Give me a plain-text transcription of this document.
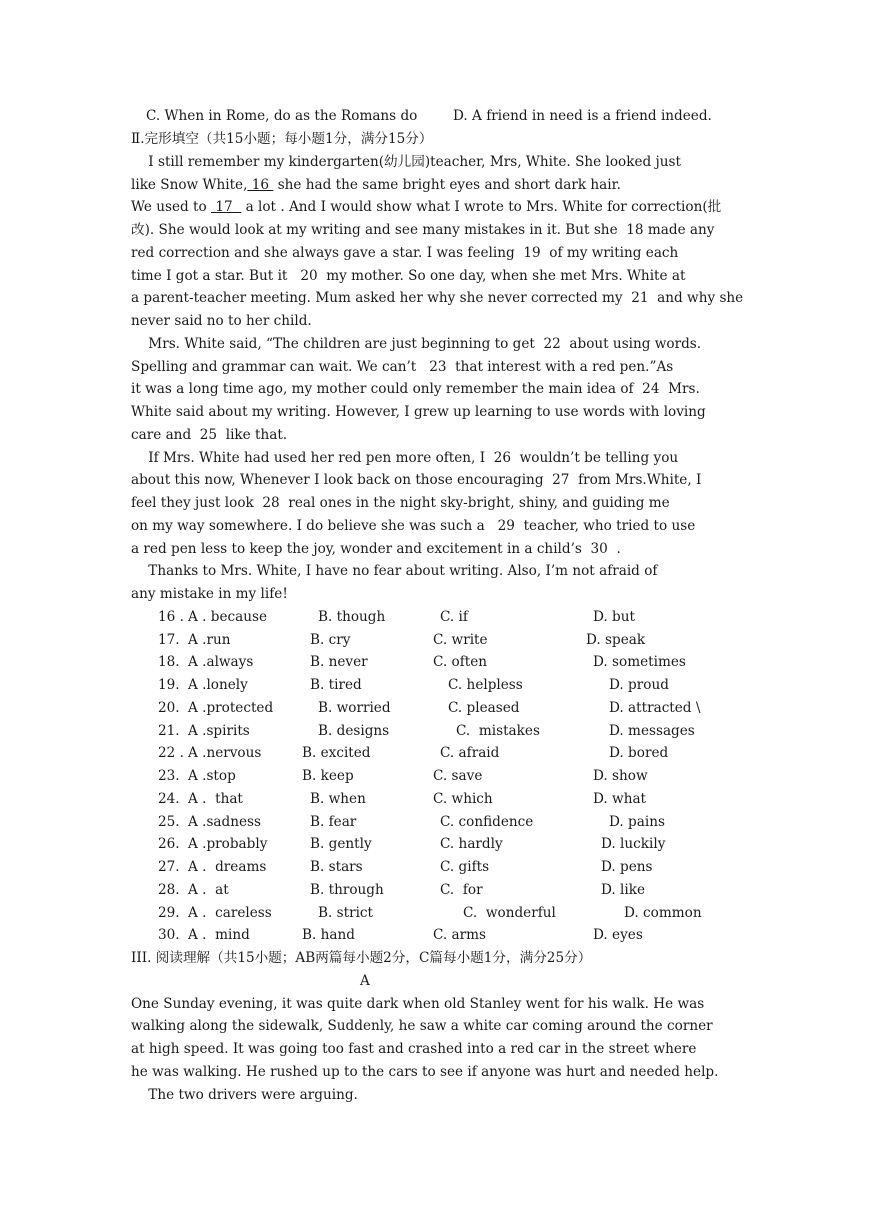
C. When in Rome, do as the Romans do	D. A friend in need is a friend indeed.
Ⅱ.完形填空（共15小题；每小题1分，满分15分）
I still remember my kindergarten(幼儿园)teacher, Mrs, White. She looked just
like Snow White, 16  she had the same bright eyes and short dark hair.
We used to  17   a lot . And I would show what I wrote to Mrs. White for correction(批
改). She would look at my writing and see many mistakes in it. But she  18 made any
red correction and she always gave a star. I was feeling  19  of my writing each
time I got a star. But it   20  my mother. So one day, when she met Mrs. White at
a parent-teacher meeting. Mum asked her why she never corrected my  21  and why she
never said no to her child.
Mrs. White said, “The children are just beginning to get  22  about using words.
Spelling and grammar can wait. We can’t   23  that interest with a red pen.”As
it was a long time ago, my mother could only remember the main idea of  24  Mrs.
White said about my writing. However, I grew up learning to use words with loving
care and  25  like that.
If Mrs. White had used her red pen more often, I  26  wouldn’t be telling you
about this now, Whenever I look back on those encouraging  27  from Mrs.White, I
feel they just look  28  real ones in the night sky-bright, shiny, and guiding me
on my way somewhere. I do believe she was such a   29  teacher, who tried to use
a red pen less to keep the joy, wonder and excitement in a child’s  30  .
Thanks to Mrs. White, I have no fear about writing. Also, I’m not afraid of
any mistake in my life!
16 . A . because	B. though	C. if	D. but
17. A .run	B. cry	C. write	D. speak
18. A .always	B. never	C. often	D. sometimes
19. A .lonely	B. tired	C. helpless	D. proud
20. A .protected	B. worried	C. pleased	D. attracted \
21. A .spirits	B. designs	C.  mistakes	D. messages
22 . A .nervous	B. excited	C. afraid	D. bored
23. A .stop	B. keep	C. save	D. show
24. A .  that	B. when	C. which	D. what
25. A .sadness	B. fear	C. confidence	D. pains
26. A .probably	B. gently	C. hardly	D. luckily
27. A .  dreams	B. stars	C. gifts	D. pens
28. A .  at	B. through	C.  for	D. like
29. A .  careless	B. strict	C.  wonderful	D. common
30. A .  mind	B. hand	C. arms	D. eyes
III. 阅读理解（共15小题；AB两篇每小题2分，C篇每小题1分，满分25分）
A
One Sunday evening, it was quite dark when old Stanley went for his walk. He was
walking along the sidewalk, Suddenly, he saw a white car coming around the corner
at high speed. It was going too fast and crashed into a red car in the street where
he was walking. He rushed up to the cars to see if anyone was hurt and needed help.
The two drivers were arguing.
